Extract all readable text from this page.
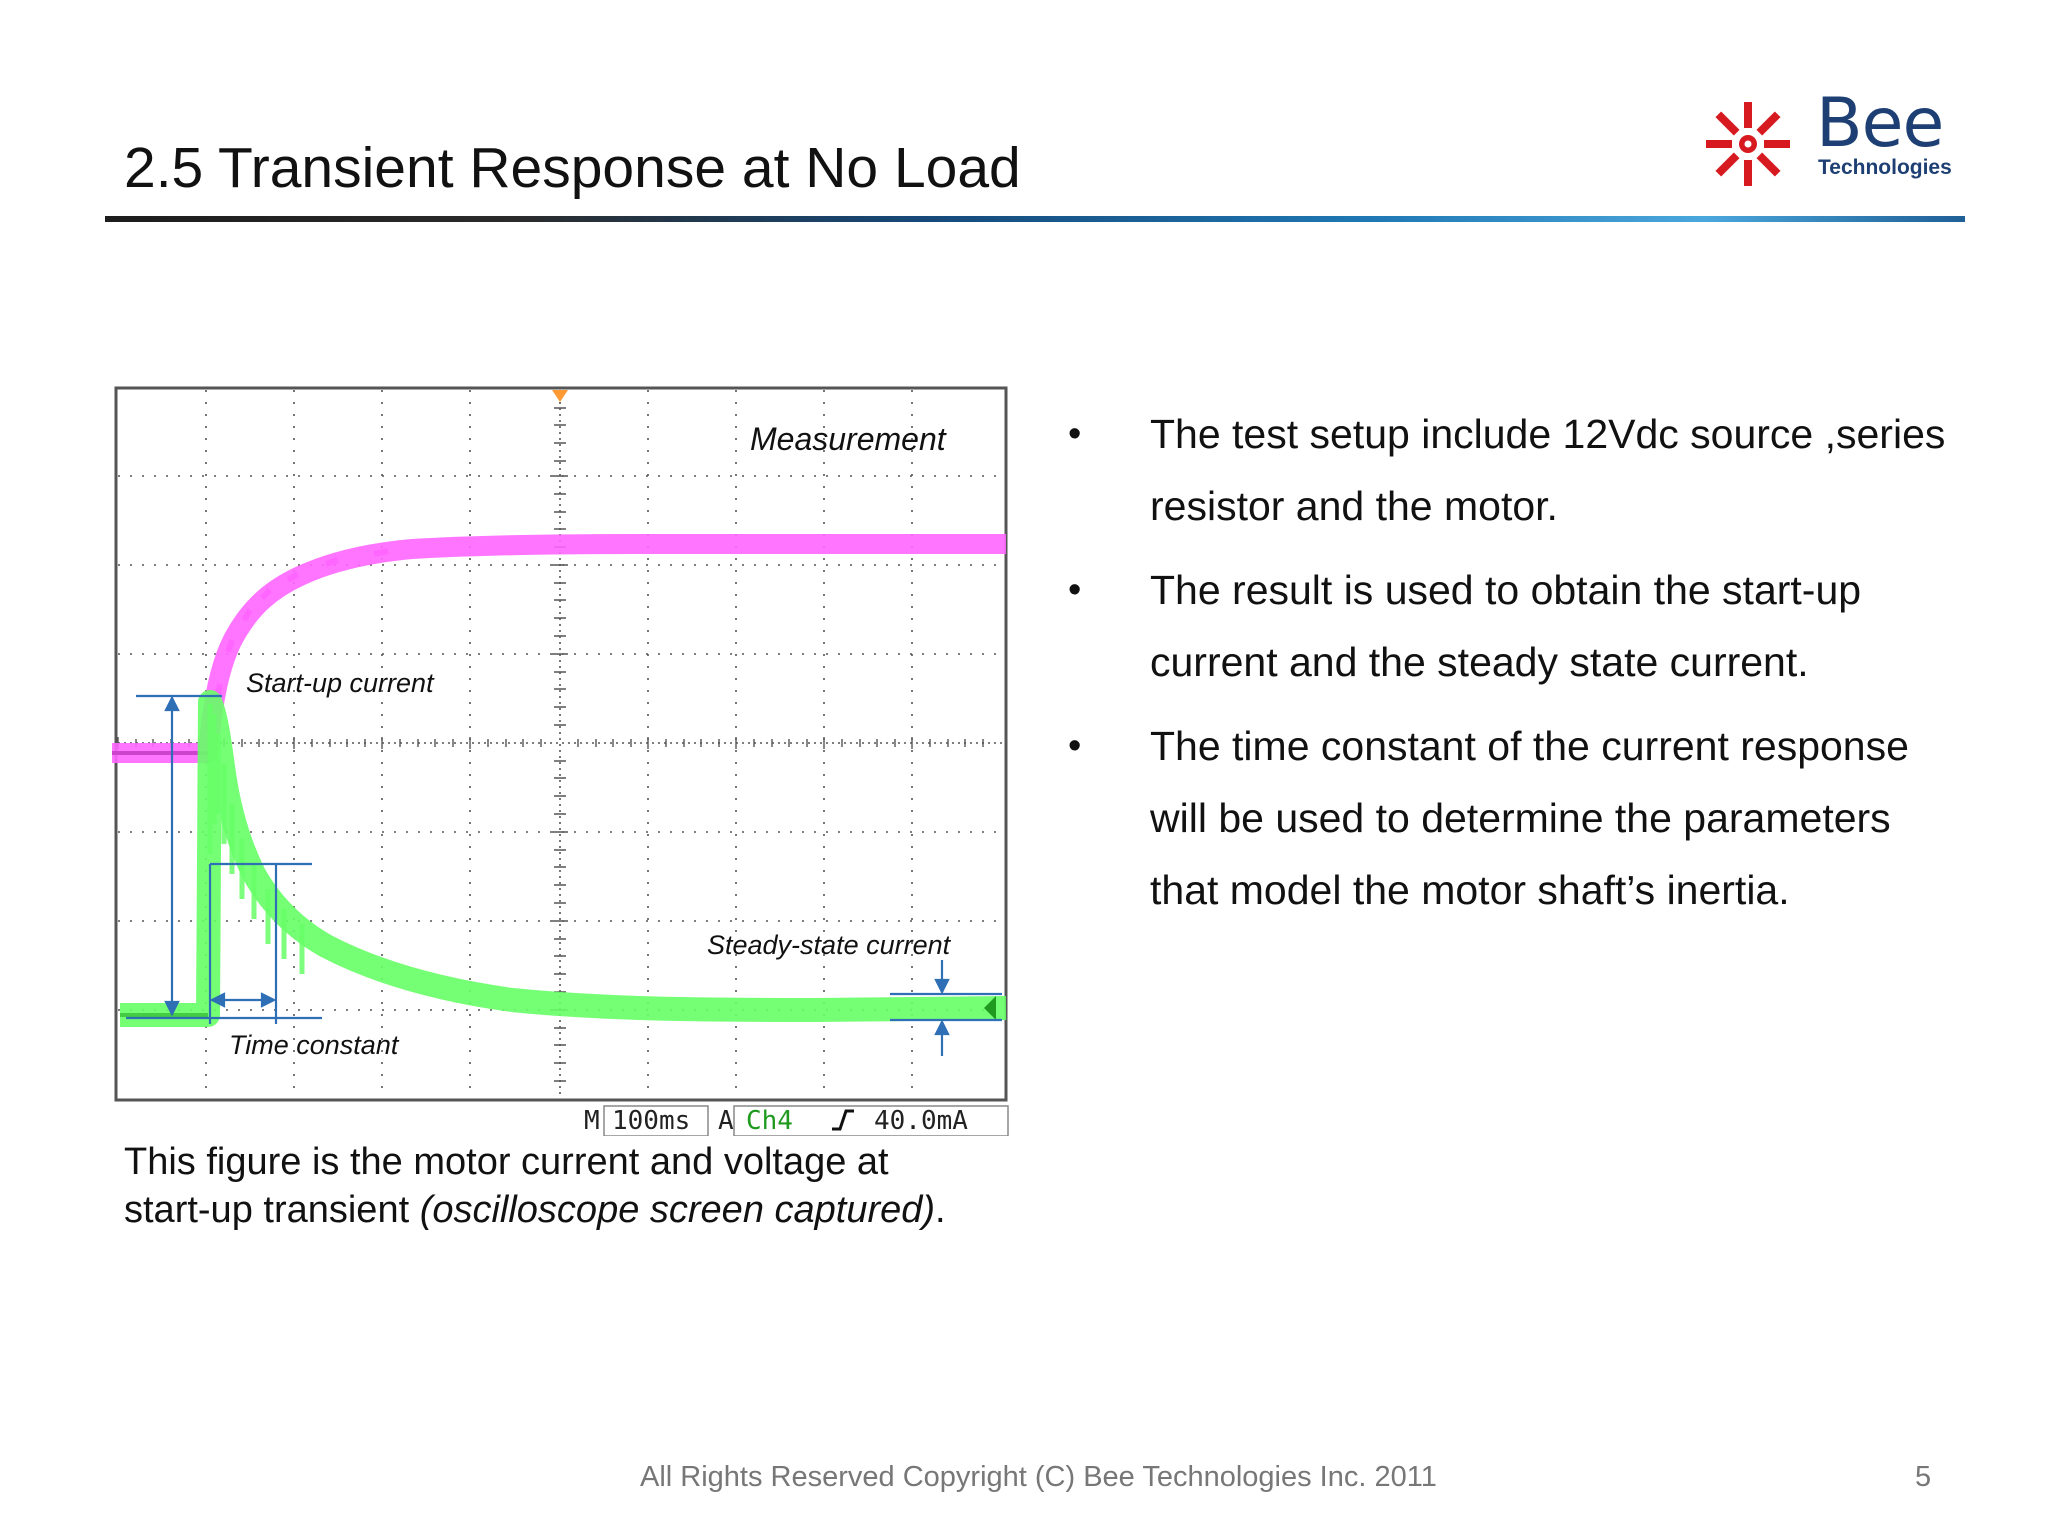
2.5 Transient Response at No Load
Bee
Technologies
Measurement
Start-up current
Steady-state current
Time constant
M 100ms A Ch4	40.0mA
This figure is the motor current and voltage at start-up transient (oscilloscope screen captured).
• The test setup include 12Vdc source ,series resistor and the motor.
• The result is used to obtain the start-up current and the steady state current.
• The time constant of the current response will be used to determine the parameters that model the motor shaft’s inertia.
All Rights Reserved Copyright (C) Bee Technologies Inc. 2011	5
